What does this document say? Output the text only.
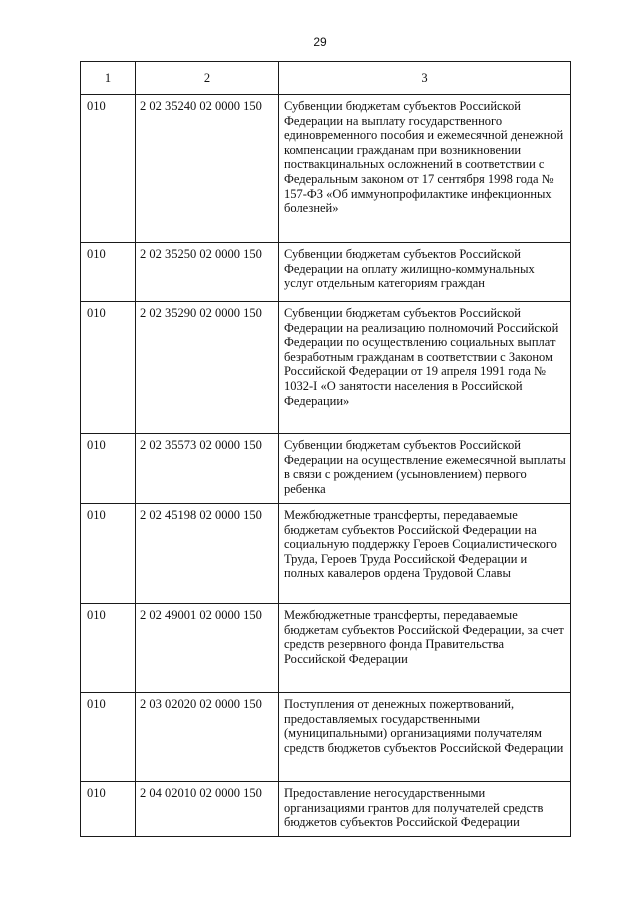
29
1	2	3
010	2 02 35240 02 0000 150	Субвенции бюджетам субъектов Российской Федерации на выплату государственного единовременного пособия и ежемесячной денежной компенсации гражданам при возникновении поствакцинальных осложнений в соответствии с Федеральным законом от 17 сентября 1998 года № 157-ФЗ «Об иммунопрофилактике инфекционных болезней»

010	2 02 35250 02 0000 150	Субвенции бюджетам субъектов Российской Федерации на оплату жилищно-коммунальных услуг отдельным категориям граждан

010	2 02 35290 02 0000 150	Субвенции бюджетам субъектов Российской Федерации на реализацию полномочий Российской Федерации по осуществлению социальных выплат безработным гражданам в соответствии с Законом Российской Федерации от 19 апреля 1991 года № 1032-I «О занятости населения в Российской Федерации»

010	2 02 35573 02 0000 150	Субвенции бюджетам субъектов Российской Федерации на осуществление ежемесячной выплаты в связи с рождением (усыновлением) первого ребенка

010	2 02 45198 02 0000 150	Межбюджетные трансферты, передаваемые бюджетам субъектов Российской Федерации на социальную поддержку Героев Социалистического Труда, Героев Труда Российской Федерации и полных кавалеров ордена Трудовой Славы

010	2 02 49001 02 0000 150	Межбюджетные трансферты, передаваемые бюджетам субъектов Российской Федерации, за счет средств резервного фонда Правительства Российской Федерации

010	2 03 02020 02 0000 150	Поступления от денежных пожертвований, предоставляемых государственными (муниципальными) организациями получателям средств бюджетов субъектов Российской Федерации

010	2 04 02010 02 0000 150	Предоставление негосударственными организациями грантов для получателей средств бюджетов субъектов Российской Федерации
